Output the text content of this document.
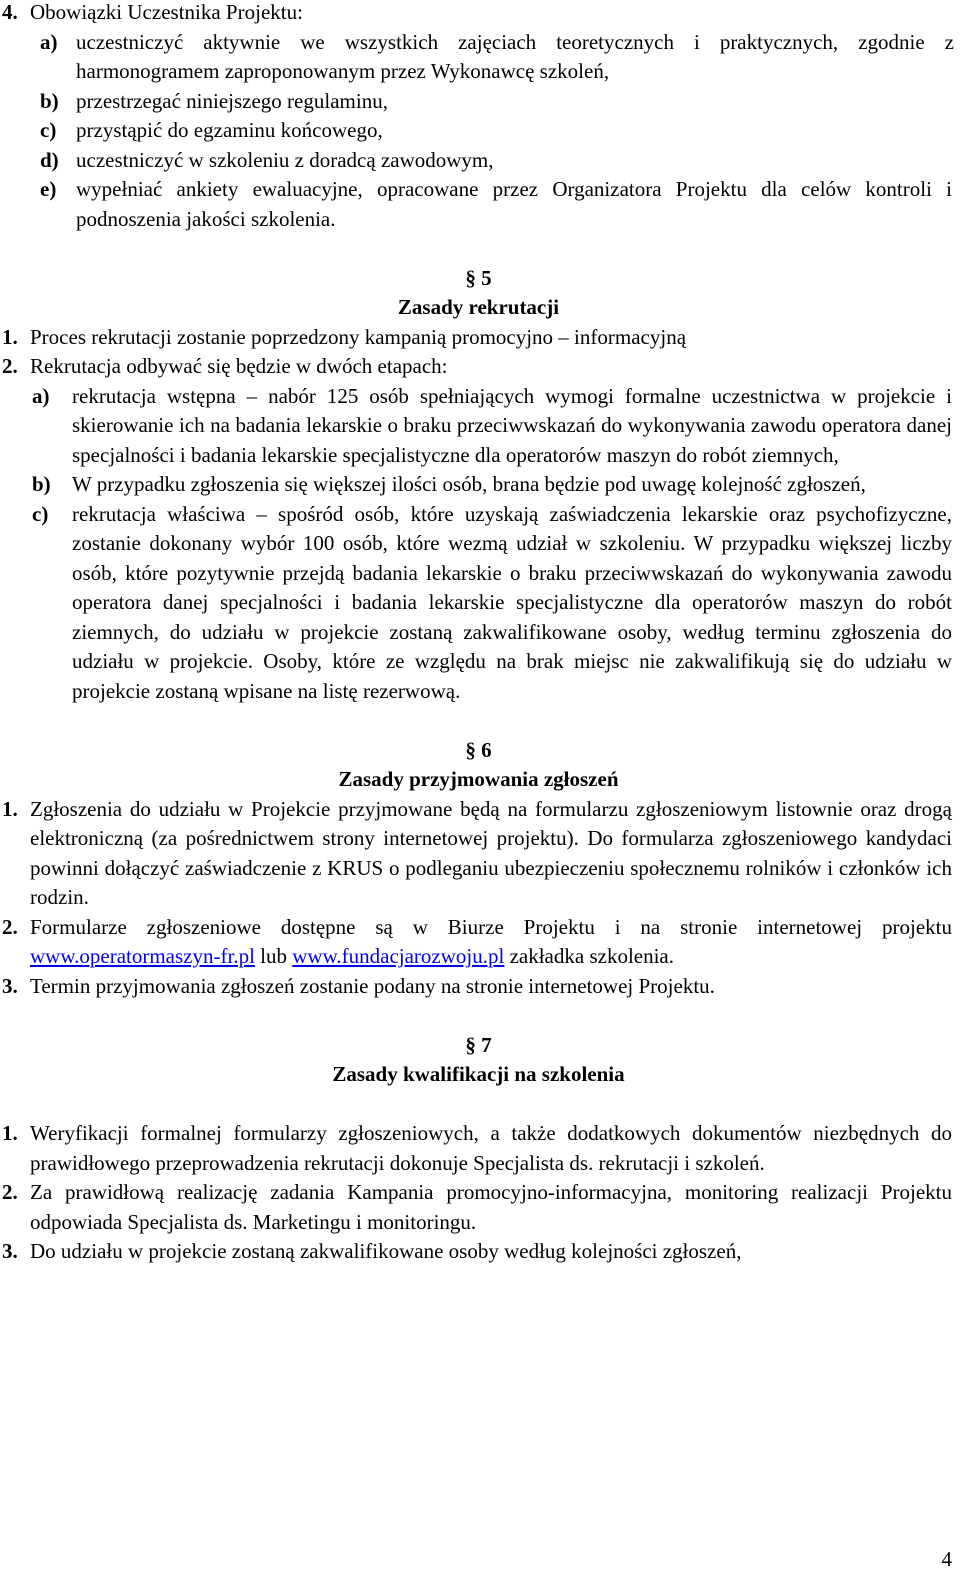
4. Obowiązki Uczestnika Projektu:
a) uczestniczyć aktywnie we wszystkich zajęciach teoretycznych i praktycznych, zgodnie z harmonogramem zaproponowanym przez Wykonawcę szkoleń,
b) przestrzegać niniejszego regulaminu,
c) przystąpić do egzaminu końcowego,
d) uczestniczyć w szkoleniu z doradcą zawodowym,
e) wypełniać ankiety ewaluacyjne, opracowane przez Organizatora Projektu dla celów kontroli i podnoszenia jakości szkolenia.
§ 5
Zasady rekrutacji
1. Proces rekrutacji zostanie poprzedzony kampanią promocyjno – informacyjną
2. Rekrutacja odbywać się będzie w dwóch etapach:
a) rekrutacja wstępna – nabór 125 osób spełniających wymogi formalne uczestnictwa w projekcie i skierowanie ich na badania lekarskie o braku przeciwwskazań do wykonywania zawodu operatora danej specjalności i badania lekarskie specjalistyczne dla operatorów maszyn do robót ziemnych,
b) W przypadku zgłoszenia się większej ilości osób, brana będzie pod uwagę kolejność zgłoszeń,
c) rekrutacja właściwa – spośród osób, które uzyskają zaświadczenia lekarskie oraz psychofizyczne, zostanie dokonany wybór 100 osób, które wezmą udział w szkoleniu. W przypadku większej liczby osób, które pozytywnie przejdą badania lekarskie o braku przeciwwskazań do wykonywania zawodu operatora danej specjalności i badania lekarskie specjalistyczne dla operatorów maszyn do robót ziemnych, do udziału w projekcie zostaną zakwalifikowane osoby, według terminu zgłoszenia do udziału w projekcie. Osoby, które ze względu na brak miejsc nie zakwalifikują się do udziału w projekcie zostaną wpisane na listę rezerwową.
§ 6
Zasady przyjmowania zgłoszeń
1. Zgłoszenia do udziału w Projekcie przyjmowane będą na formularzu zgłoszeniowym listownie oraz drogą elektroniczną (za pośrednictwem strony internetowej projektu). Do formularza zgłoszeniowego kandydaci powinni dołączyć zaświadczenie z KRUS o podleganiu ubezpieczeniu społecznemu rolników i członków ich rodzin.
2. Formularze zgłoszeniowe dostępne są w Biurze Projektu i na stronie internetowej projektu www.operatormaszyn-fr.pl lub www.fundacjarozwoju.pl zakładka szkolenia.
3. Termin przyjmowania zgłoszeń zostanie podany na stronie internetowej Projektu.
§ 7
Zasady kwalifikacji na szkolenia
1. Weryfikacji formalnej formularzy zgłoszeniowych, a także dodatkowych dokumentów niezbędnych do prawidłowego przeprowadzenia rekrutacji dokonuje Specjalista ds. rekrutacji i szkoleń.
2. Za prawidłową realizację zadania Kampania promocyjno-informacyjna, monitoring realizacji Projektu odpowiada Specjalista ds. Marketingu i monitoringu.
3. Do udziału w projekcie zostaną zakwalifikowane osoby według kolejności zgłoszeń,
4
